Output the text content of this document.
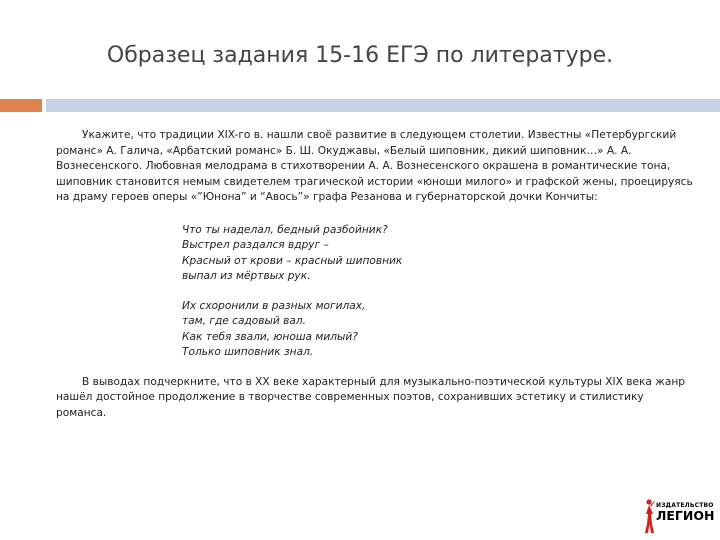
Образец задания 15-16 ЕГЭ по литературе.

Укажите, что традиции XIX-го в. нашли своё развитие в следующем столетии. Известны «Петербургский романс» А. Галича, «Арбатский романс» Б. Ш. Окуджавы, «Белый шиповник, дикий шиповник…» А. А. Вознесенского. Любовная мелодрама в стихотворении А. А. Вознесенского окрашена в романтические тона, шиповник становится немым свидетелем трагической истории «юноши милого» и графской жены, проецируясь на драму героев оперы «”Юнона” и “Авось”» графа Резанова и губернаторской дочки Кончиты:

Что ты наделал, бедный разбойник?
Выстрел раздался вдруг –
Красный от крови – красный шиповник
выпал из мёртвых рук.
Их схоронили в разных могилах,
там, где садовый вал.
Как тебя звали, юноша милый?
Только шиповник знал.

В выводах подчеркните, что в XX веке характерный для музыкально-поэтической культуры XIX века жанр нашёл достойное продолжение в творчестве современных поэтов, сохранивших эстетику и стилистику романса.

ИЗДАТЕЛЬСТВО
ЛЕГИОН
